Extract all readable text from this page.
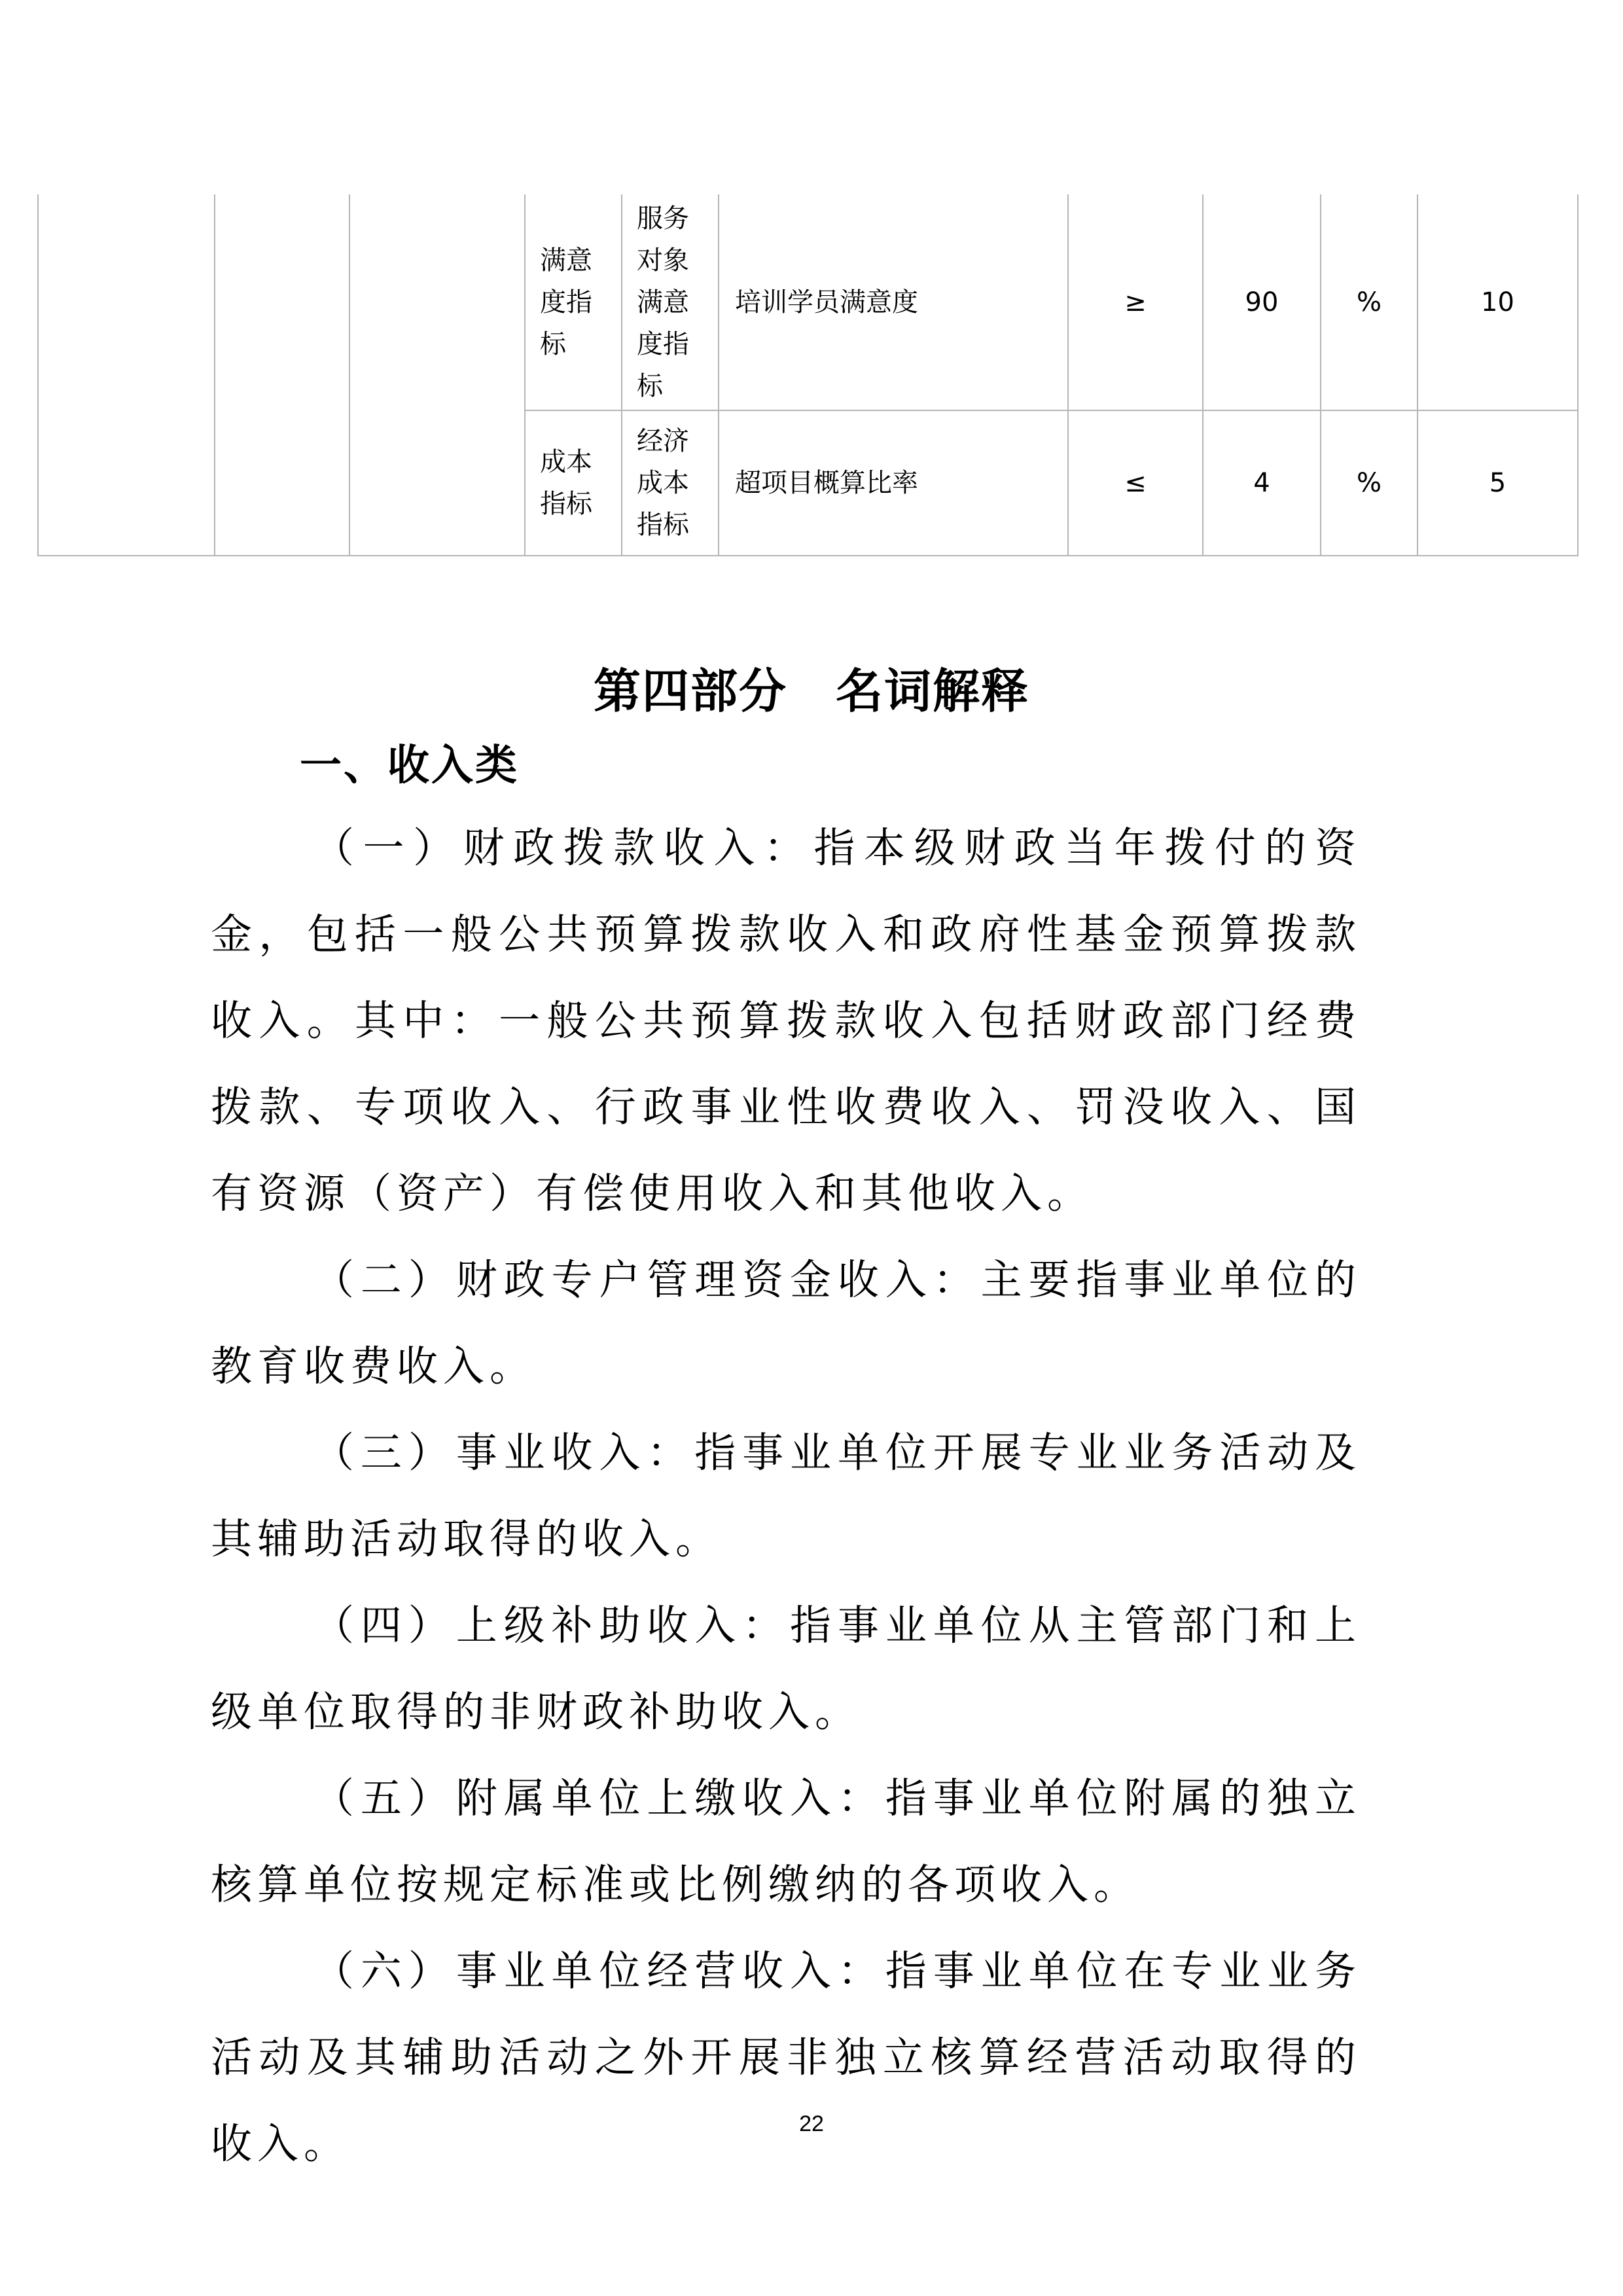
			满意
度指
标	服务
对象
满意
度指
标	培训学员满意度	≥	90	%	10

			成本
指标	经济
成本
指标	超项目概算比率	≤	4	%	5
第四部分　名词解释
一、收入类

（一）财政拨款收入：指本级财政当年拨付的资金，包括一般公共预算拨款收入和政府性基金预算拨款收入。其中：一般公共预算拨款收入包括财政部门经费拨款、专项收入、行政事业性收费收入、罚没收入、国有资源（资产）有偿使用收入和其他收入。

（二）财政专户管理资金收入：主要指事业单位的教育收费收入。

（三）事业收入：指事业单位开展专业业务活动及其辅助活动取得的收入。

（四）上级补助收入：指事业单位从主管部门和上级单位取得的非财政补助收入。

（五）附属单位上缴收入：指事业单位附属的独立核算单位按规定标准或比例缴纳的各项收入。

（六）事业单位经营收入：指事业单位在专业业务活动及其辅助活动之外开展非独立核算经营活动取得的收入。	22
